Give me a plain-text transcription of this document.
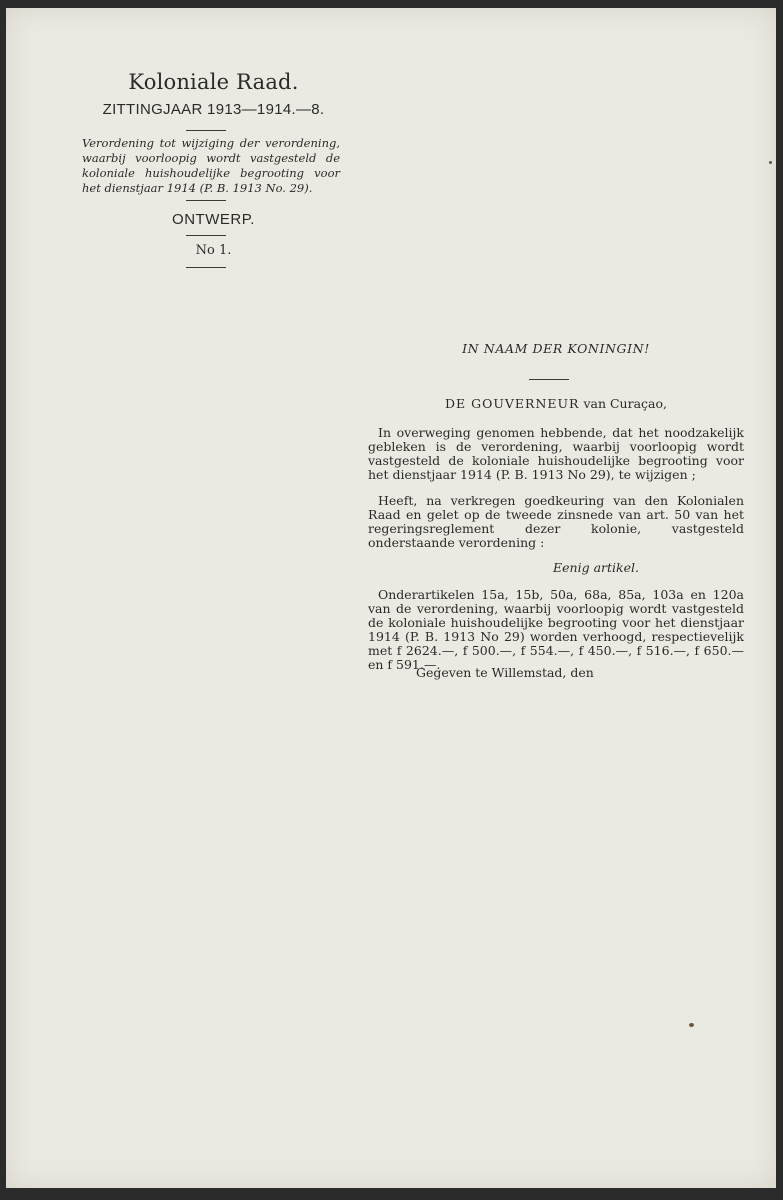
Koloniale Raad.
ZITTINGJAAR 1913—1914.—8.
Verordening tot wijziging der verordening, waarbij voorloopig wordt vastgesteld de koloniale huishoudelijke begrooting voor het dienstjaar 1914 (P. B. 1913 No. 29).
ONTWERP.
No 1.
IN NAAM DER KONINGIN!
DE GOUVERNEUR van Curaçao,
In overweging genomen hebbende, dat het noodzakelijk gebleken is de verordening, waarbij voorloopig wordt vastgesteld de koloniale huishoudelijke begrooting voor het dienstjaar 1914 (P. B. 1913 No 29), te wijzigen ;
Heeft, na verkregen goedkeuring van den Kolonialen Raad en gelet op de tweede zinsnede van art. 50 van het regeringsreglement dezer kolonie, vastgesteld onderstaande verordening :
Eenig artikel.
Onderartikelen 15a, 15b, 50a, 68a, 85a, 103a en 120a van de verordening, waarbij voorloopig wordt vastgesteld de koloniale huishoudelijke begrooting voor het dienstjaar 1914 (P. B. 1913 No 29) worden verhoogd, respectievelijk met f 2624.—, f 500.—, f 554.—, f 450.—, f 516.—, f 650.— en f 591.—.
Gegeven te Willemstad, den
